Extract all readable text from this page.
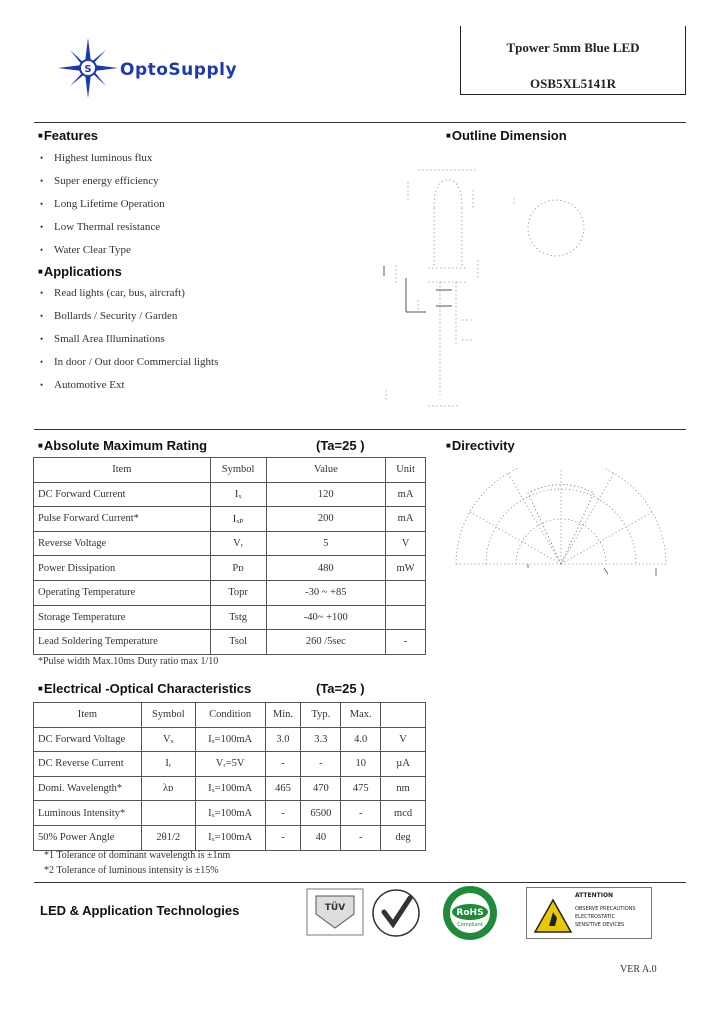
S OptoSupply
Tpower 5mm Blue LED
OSB5XL5141R
■Features
• Highest luminous flux
• Super energy efficiency
• Long Lifetime Operation
• Low Thermal resistance
• Water Clear Type
■Applications
• Read lights (car, bus, aircraft)
• Bollards / Security / Garden
• Small Area Illuminations
• In door / Out door Commercial lights
• Automotive Ext
■Outline Dimension
■Directivity
■Absolute Maximum Rating	(Ta=25 )
Item	Symbol	Value	Unit
DC Forward Current	Iₓ	120	mA
Pulse Forward Current*	Iₓₚ	200	mA
Reverse Voltage	Vᵣ	5	V
Power Dissipation	Pᴅ	480	mW
Operating Temperature	Topr	-30 ~ +85	
Storage Temperature	Tstg	-40~ +100	
Lead Soldering Temperature	Tsol	260 /5sec	-
*Pulse width Max.10ms Duty ratio max 1/10
■Electrical -Optical Characteristics	(Ta=25 )
Item	Symbol	Condition	Min.	Typ.	Max.	
DC Forward Voltage	Vₓ	Iₓ=100mA	3.0	3.3	4.0	V
DC Reverse Current	Iᵣ	Vᵣ=5V	-	-	10	µA
Domi. Wavelength*	λᴅ	Iₓ=100mA	465	470	475	nm
Luminous Intensity*		Iₓ=100mA	-	6500	-	mcd
50% Power Angle	2θ1/2	Iₓ=100mA	-	40	-	deg
*1 Tolerance of dominant wavelength is ±1nm
*2 Tolerance of luminous intensity is ±15%
LED & Application Technologies	TÜV	RoHS
Compliant
ATTENTION
OBSERVE PRECAUTIONS
ELECTROSTATIC
SENSITIVE DEVICES
VER A.0
